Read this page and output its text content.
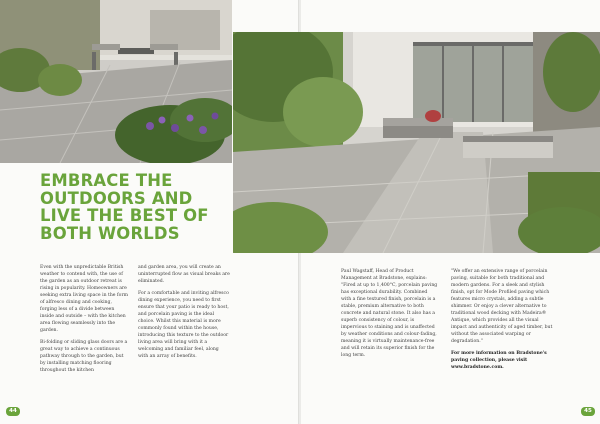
EMBRACE THE
OUTDOORS AND
LIVE THE BEST OF
BOTH WORLDS

Even with the unpredictable British weather to contend with, the use of the garden as an outdoor retreat is rising in popularity. Homeowners are seeking extra living space in the form of alfresco dining and cooking, forging less of a divide between inside and outside – with the kitchen area flowing seamlessly into the garden.

Bi-folding or sliding glass doors are a great way to achieve a continuous pathway through to the garden, but by installing matching flooring throughout the kitchen

and garden area, you will create an uninterrupted flow as visual breaks are eliminated.

For a comfortable and inviting alfresco dining experience, you need to first ensure that your patio is ready to host, and porcelain paving is the ideal choice. Whilst this material is more commonly found within the house, introducing this texture to the outdoor living area will bring with it a welcoming and familiar feel, along with an array of benefits.

44

Paul Wagstaff, Head of Product Management at Bradstone, explains: "Fired at up to 1,400°C, porcelain paving has exceptional durability. Combined with a fine textured finish, porcelain is a stable, premium alternative to both concrete and natural stone. It also has a superb consistency of colour, is impervious to staining and is unaffected by weather conditions and colour-fading, meaning it is virtually maintenance-free and will retain its superior finish for the long term.

"We offer an extensive range of porcelain paving, suitable for both traditional and modern gardens. For a sleek and stylish finish, opt for Mode Profiled paving which features micro crystals, adding a subtle shimmer. Or enjoy a clever alternative to traditional wood decking with Madeira® Antique, which provides all the visual impact and authenticity of aged timber, but without the associated warping or degradation."

For more information on Bradstone's paving collection, please visit www.bradstone.com.

45
